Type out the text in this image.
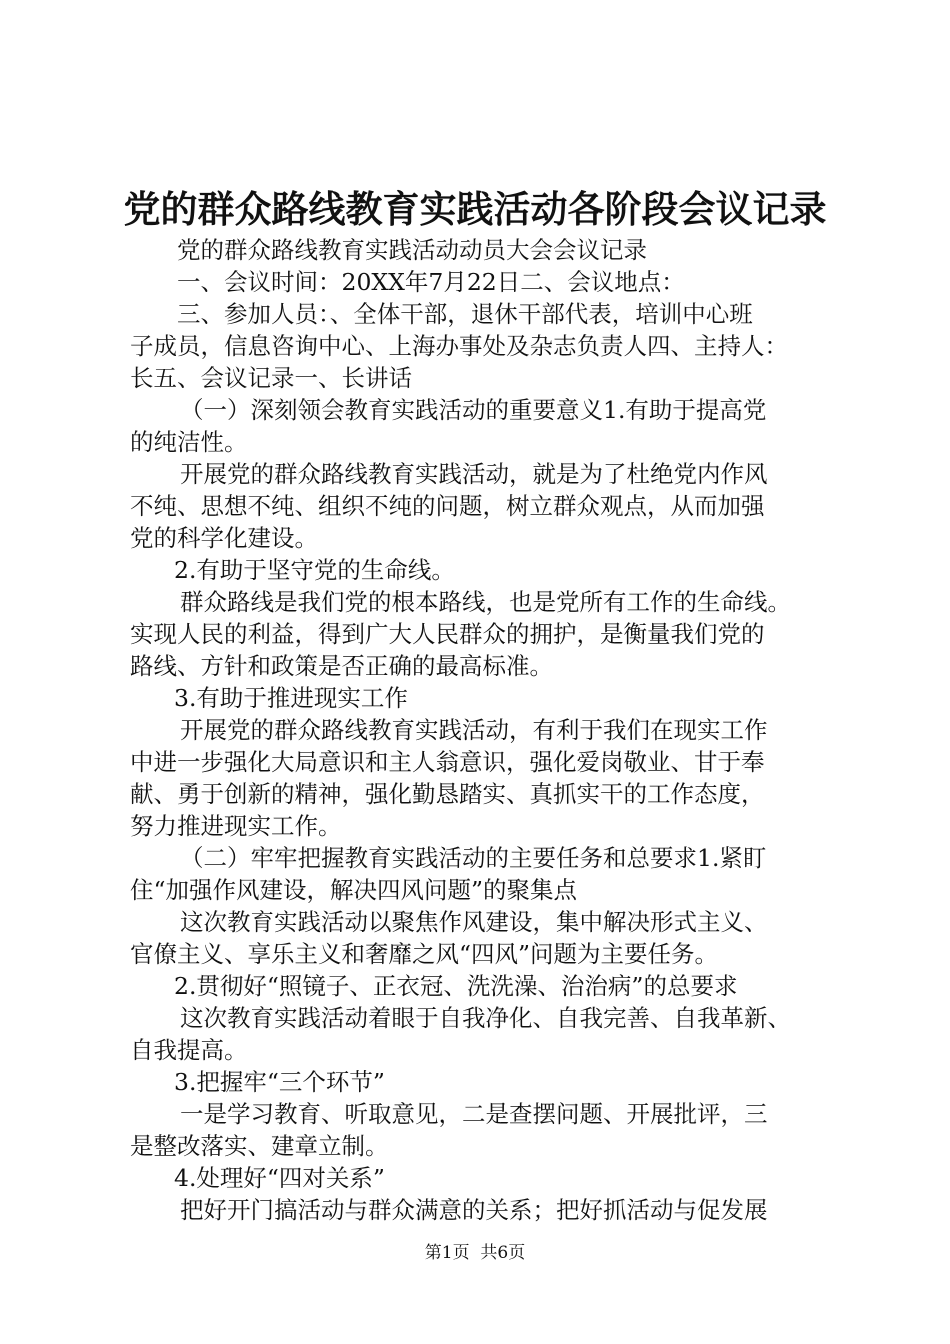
党的群众路线教育实践活动各阶段会议记录
党的群众路线教育实践活动动员大会会议记录
一、会议时间：20XX年7月22日二、会议地点：
三、参加人员：、全体干部，退休干部代表，培训中心班
子成员，信息咨询中心、上海办事处及杂志负责人四、主持人：
长五、会议记录一、长讲话
（一）深刻领会教育实践活动的重要意义1.有助于提高党
的纯洁性。
开展党的群众路线教育实践活动，就是为了杜绝党内作风
不纯、思想不纯、组织不纯的问题，树立群众观点，从而加强
党的科学化建设。
2.有助于坚守党的生命线。
群众路线是我们党的根本路线，也是党所有工作的生命线。
实现人民的利益，得到广大人民群众的拥护，是衡量我们党的
路线、方针和政策是否正确的最高标准。
3.有助于推进现实工作
开展党的群众路线教育实践活动，有利于我们在现实工作
中进一步强化大局意识和主人翁意识，强化爱岗敬业、甘于奉
献、勇于创新的精神，强化勤恳踏实、真抓实干的工作态度，
努力推进现实工作。
（二）牢牢把握教育实践活动的主要任务和总要求1.紧盯
住“加强作风建设，解决四风问题”的聚集点
这次教育实践活动以聚焦作风建设，集中解决形式主义、
官僚主义、享乐主义和奢靡之风“四风”问题为主要任务。
2.贯彻好“照镜子、正衣冠、洗洗澡、治治病”的总要求
这次教育实践活动着眼于自我净化、自我完善、自我革新、
自我提高。
3.把握牢“三个环节”
一是学习教育、听取意见，二是查摆问题、开展批评，三
是整改落实、建章立制。
4.处理好“四对关系”
把好开门搞活动与群众满意的关系；把好抓活动与促发展
第1页  共6页
